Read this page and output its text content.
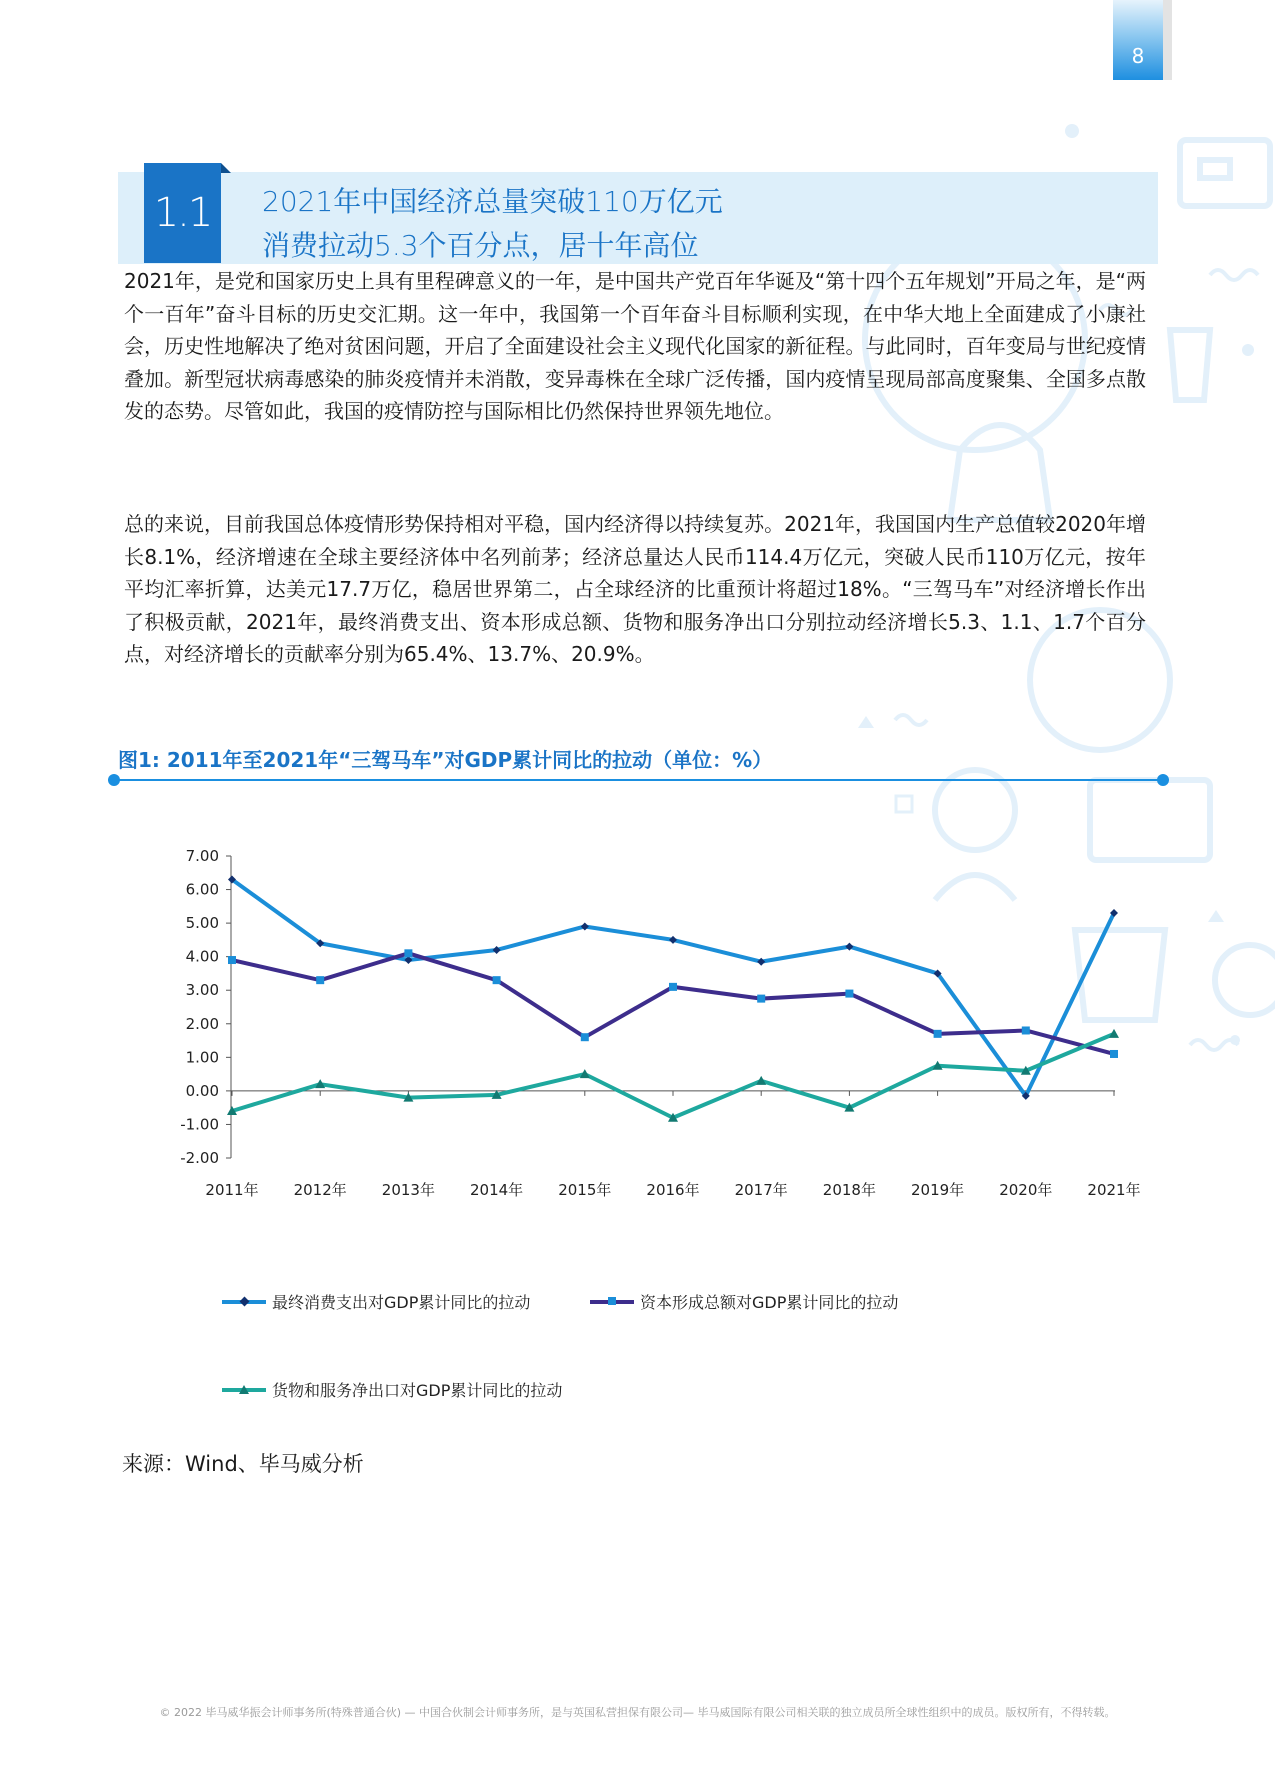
8
1.1	2021年中国经济总量突破110万亿元
消费拉动5.3个百分点，居十年高位

2021年，是党和国家历史上具有里程碑意义的一年，是中国共产党百年华诞及“第十四个五年规划”开局之年，是“两个一百年”奋斗目标的历史交汇期。这一年中，我国第一个百年奋斗目标顺利实现，在中华大地上全面建成了小康社会，历史性地解决了绝对贫困问题，开启了全面建设社会主义现代化国家的新征程。与此同时，百年变局与世纪疫情叠加。新型冠状病毒感染的肺炎疫情并未消散，变异毒株在全球广泛传播，国内疫情呈现局部高度聚集、全国多点散发的态势。尽管如此，我国的疫情防控与国际相比仍然保持世界领先地位。

总的来说，目前我国总体疫情形势保持相对平稳，国内经济得以持续复苏。2021年，我国国内生产总值较2020年增长8.1%，经济增速在全球主要经济体中名列前茅；经济总量达人民币114.4万亿元，突破人民币110万亿元，按年平均汇率折算，达美元17.7万亿，稳居世界第二，占全球经济的比重预计将超过18%。“三驾马车”对经济增长作出了积极贡献，2021年，最终消费支出、资本形成总额、货物和服务净出口分别拉动经济增长5.3、1.1、1.7个百分点，对经济增长的贡献率分别为65.4%、13.7%、20.9%。

图1: 2011年至2021年“三驾马车”对GDP累计同比的拉动（单位：%）
7.00
6.00
5.00
4.00
3.00
2.00
1.00
0.00
-1.00
-2.00
2011年 2012年 2013年 2014年 2015年 2016年 2017年 2018年 2019年 2020年 2021年
最终消费支出对GDP累计同比的拉动	资本形成总额对GDP累计同比的拉动
货物和服务净出口对GDP累计同比的拉动
来源：Wind、毕马威分析
© 2022 毕马威华振会计师事务所(特殊普通合伙) — 中国合伙制会计师事务所，是与英国私营担保有限公司— 毕马威国际有限公司相关联的独立成员所全球性组织中的成员。版权所有，不得转载。
